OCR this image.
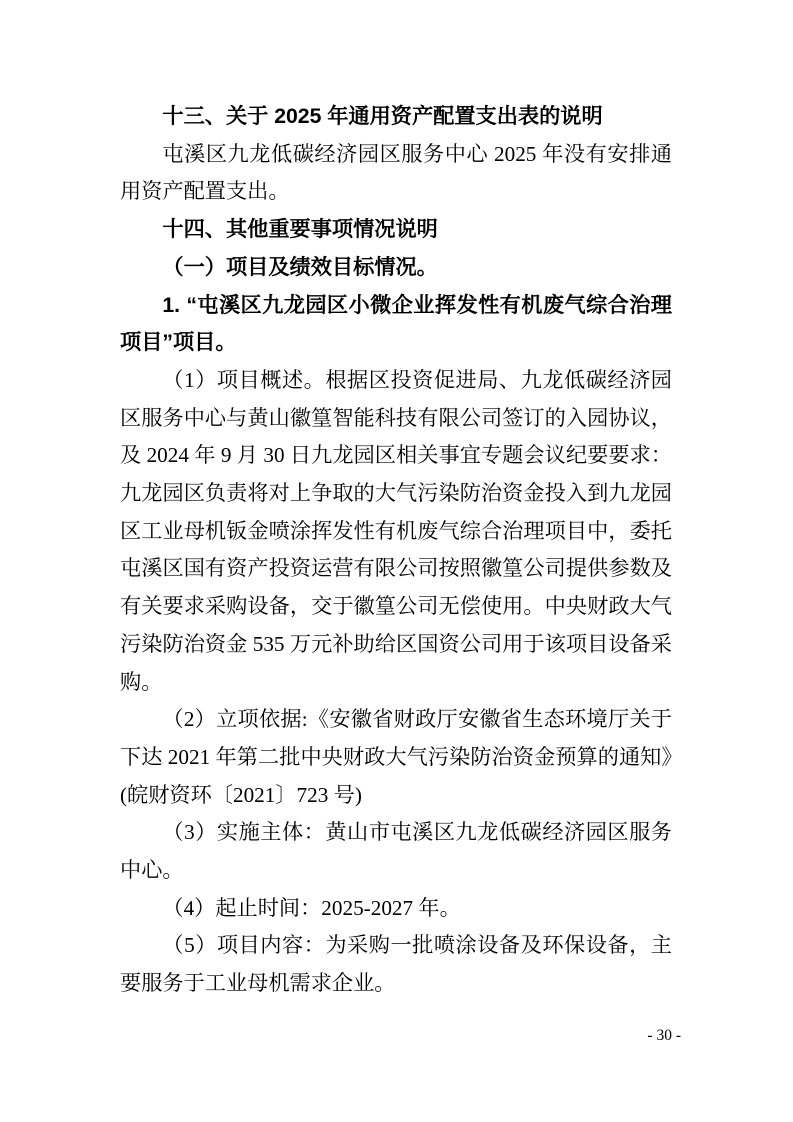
十三、关于 2025 年通用资产配置支出表的说明

屯溪区九龙低碳经济园区服务中心 2025 年没有安排通用资产配置支出。

十四、其他重要事项情况说明

（一）项目及绩效目标情况。

1. “屯溪区九龙园区小微企业挥发性有机废气综合治理项目”项目。

（1）项目概述。根据区投资促进局、九龙低碳经济园区服务中心与黄山徽篁智能科技有限公司签订的入园协议，及 2024 年 9 月 30 日九龙园区相关事宜专题会议纪要要求：九龙园区负责将对上争取的大气污染防治资金投入到九龙园区工业母机钣金喷涂挥发性有机废气综合治理项目中，委托屯溪区国有资产投资运营有限公司按照徽篁公司提供参数及有关要求采购设备，交于徽篁公司无偿使用。中央财政大气污染防治资金 535 万元补助给区国资公司用于该项目设备采购。

（2）立项依据:《安徽省财政厅安徽省生态环境厅关于下达 2021 年第二批中央财政大气污染防治资金预算的通知》(皖财资环〔2021〕723 号)

（3）实施主体：黄山市屯溪区九龙低碳经济园区服务中心。

（4）起止时间：2025-2027 年。

（5）项目内容：为采购一批喷涂设备及环保设备，主要服务于工业母机需求企业。

- 30 -
